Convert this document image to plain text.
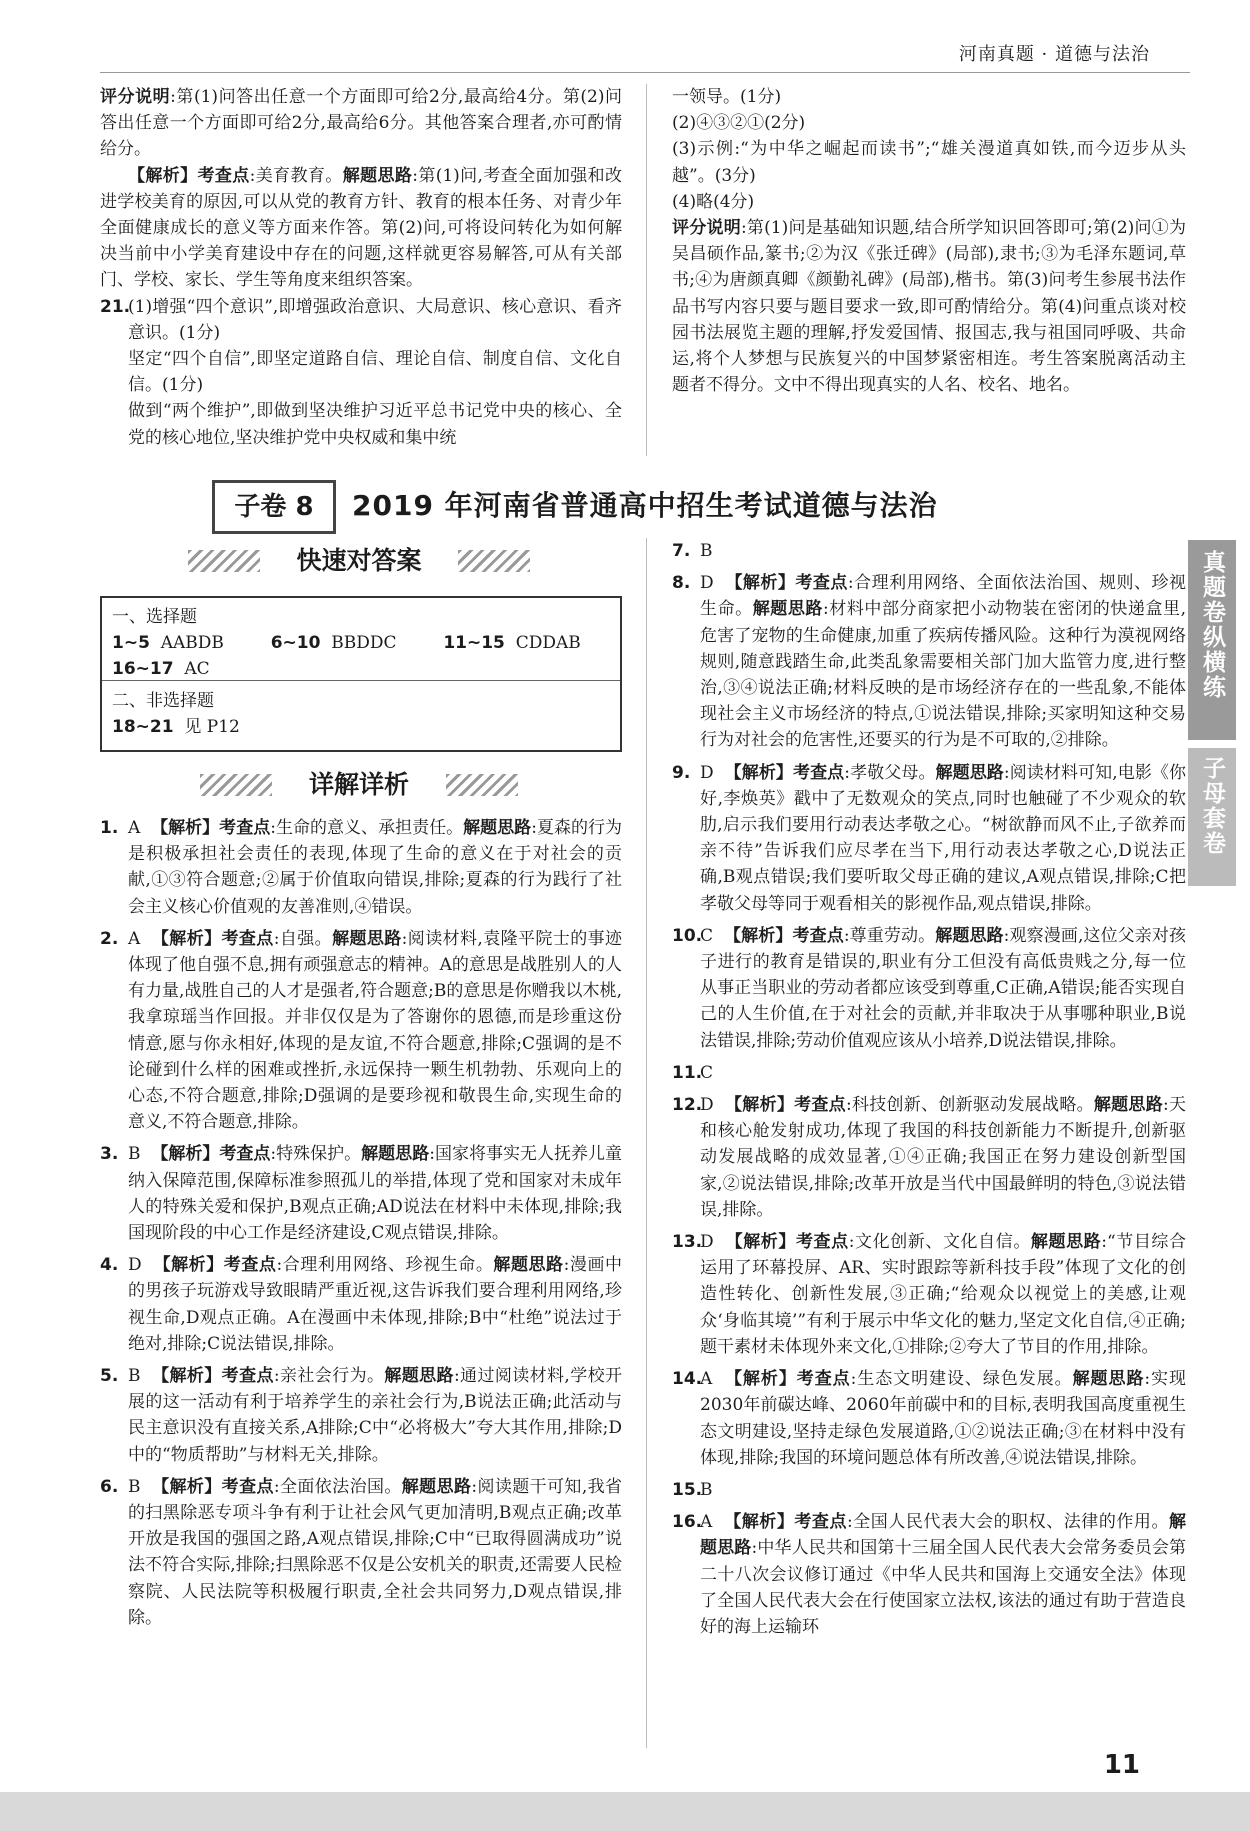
河南真题 · 道德与法治
真题卷纵横练
子母套卷

评分说明:第(1)问答出任意一个方面即可给2分,最高给4分。第(2)问答出任意一个方面即可给2分,最高给6分。其他答案合理者,亦可酌情给分。

【解析】考查点:美育教育。解题思路:第(1)问,考查全面加强和改进学校美育的原因,可以从党的教育方针、教育的根本任务、对青少年全面健康成长的意义等方面来作答。第(2)问,可将设问转化为如何解决当前中小学美育建设中存在的问题,这样就更容易解答,可从有关部门、学校、家长、学生等角度来组织答案。

21.
(1)增强“四个意识”,即增强政治意识、大局意识、核心意识、看齐意识。(1分)

坚定“四个自信”,即坚定道路自信、理论自信、制度自信、文化自信。(1分)

做到“两个维护”,即做到坚决维护习近平总书记党中央的核心、全党的核心地位,坚决维护党中央权威和集中统

一领导。(1分)

(2)④③②①(2分)

(3)示例:“为中华之崛起而读书”;“雄关漫道真如铁,而今迈步从头越”。(3分)

(4)略(4分)

评分说明:第(1)问是基础知识题,结合所学知识回答即可;第(2)问①为吴昌硕作品,篆书;②为汉《张迁碑》(局部),隶书;③为毛泽东题词,草书;④为唐颜真卿《颜勤礼碑》(局部),楷书。第(3)问考生参展书法作品书写内容只要与题目要求一致,即可酌情给分。第(4)问重点谈对校园书法展览主题的理解,抒发爱国情、报国志,我与祖国同呼吸、共命运,将个人梦想与民族复兴的中国梦紧密相连。考生答案脱离活动主题者不得分。文中不得出现真实的人名、校名、地名。

子卷 8	2019 年河南省普通高中招生考试道德与法治
快速对答案
一、选择题
1~5 AABDB	6~10 BBDDC	11~15 CDDAB
16~17 AC
二、非选择题
18~21 见 P12
详解详析

1. A 【解析】考查点:生命的意义、承担责任。解题思路:夏森的行为是积极承担社会责任的表现,体现了生命的意义在于对社会的贡献,①③符合题意;②属于价值取向错误,排除;夏森的行为践行了社会主义核心价值观的友善准则,④错误。

2. A 【解析】考查点:自强。解题思路:阅读材料,袁隆平院士的事迹体现了他自强不息,拥有顽强意志的精神。A的意思是战胜别人的人有力量,战胜自己的人才是强者,符合题意;B的意思是你赠我以木桃,我拿琼瑶当作回报。并非仅仅是为了答谢你的恩德,而是珍重这份情意,愿与你永相好,体现的是友谊,不符合题意,排除;C强调的是不论碰到什么样的困难或挫折,永远保持一颗生机勃勃、乐观向上的心态,不符合题意,排除;D强调的是要珍视和敬畏生命,实现生命的意义,不符合题意,排除。

3. B 【解析】考查点:特殊保护。解题思路:国家将事实无人抚养儿童纳入保障范围,保障标准参照孤儿的举措,体现了党和国家对未成年人的特殊关爱和保护,B观点正确;AD说法在材料中未体现,排除;我国现阶段的中心工作是经济建设,C观点错误,排除。

4. D 【解析】考查点:合理利用网络、珍视生命。解题思路:漫画中的男孩子玩游戏导致眼睛严重近视,这告诉我们要合理利用网络,珍视生命,D观点正确。A在漫画中未体现,排除;B中“杜绝”说法过于绝对,排除;C说法错误,排除。

5. B 【解析】考查点:亲社会行为。解题思路:通过阅读材料,学校开展的这一活动有利于培养学生的亲社会行为,B说法正确;此活动与民主意识没有直接关系,A排除;C中“必将极大”夸大其作用,排除;D中的“物质帮助”与材料无关,排除。

6. B 【解析】考查点:全面依法治国。解题思路:阅读题干可知,我省的扫黑除恶专项斗争有利于让社会风气更加清明,B观点正确;改革开放是我国的强国之路,A观点错误,排除;C中“已取得圆满成功”说法不符合实际,排除;扫黑除恶不仅是公安机关的职责,还需要人民检察院、人民法院等积极履行职责,全社会共同努力,D观点错误,排除。

7. B

8. D 【解析】考查点:合理利用网络、全面依法治国、规则、珍视生命。解题思路:材料中部分商家把小动物装在密闭的快递盒里,危害了宠物的生命健康,加重了疾病传播风险。这种行为漠视网络规则,随意践踏生命,此类乱象需要相关部门加大监管力度,进行整治,③④说法正确;材料反映的是市场经济存在的一些乱象,不能体现社会主义市场经济的特点,①说法错误,排除;买家明知这种交易行为对社会的危害性,还要买的行为是不可取的,②排除。

9. D 【解析】考查点:孝敬父母。解题思路:阅读材料可知,电影《你好,李焕英》戳中了无数观众的笑点,同时也触碰了不少观众的软肋,启示我们要用行动表达孝敬之心。“树欲静而风不止,子欲养而亲不待”告诉我们应尽孝在当下,用行动表达孝敬之心,D说法正确,B观点错误;我们要听取父母正确的建议,A观点错误,排除;C把孝敬父母等同于观看相关的影视作品,观点错误,排除。

10.
C 【解析】考查点:尊重劳动。解题思路:观察漫画,这位父亲对孩子进行的教育是错误的,职业有分工但没有高低贵贱之分,每一位从事正当职业的劳动者都应该受到尊重,C正确,A错误;能否实现自己的人生价值,在于对社会的贡献,并非取决于从事哪种职业,B说法错误,排除;劳动价值观应该从小培养,D说法错误,排除。

11.
C

12.
D 【解析】考查点:科技创新、创新驱动发展战略。解题思路:天和核心舱发射成功,体现了我国的科技创新能力不断提升,创新驱动发展战略的成效显著,①④正确;我国正在努力建设创新型国家,②说法错误,排除;改革开放是当代中国最鲜明的特色,③说法错误,排除。

13.
D 【解析】考查点:文化创新、文化自信。解题思路:“节目综合运用了环幕投屏、AR、实时跟踪等新科技手段”体现了文化的创造性转化、创新性发展,③正确;“给观众以视觉上的美感,让观众‘身临其境’”有利于展示中华文化的魅力,坚定文化自信,④正确;题干素材未体现外来文化,①排除;②夸大了节目的作用,排除。

14.
A 【解析】考查点:生态文明建设、绿色发展。解题思路:实现2030年前碳达峰、2060年前碳中和的目标,表明我国高度重视生态文明建设,坚持走绿色发展道路,①②说法正确;③在材料中没有体现,排除;我国的环境问题总体有所改善,④说法错误,排除。

15.
B

16.
A 【解析】考查点:全国人民代表大会的职权、法律的作用。解题思路:中华人民共和国第十三届全国人民代表大会常务委员会第二十八次会议修订通过《中华人民共和国海上交通安全法》体现了全国人民代表大会在行使国家立法权,该法的通过有助于营造良好的海上运输环

11
